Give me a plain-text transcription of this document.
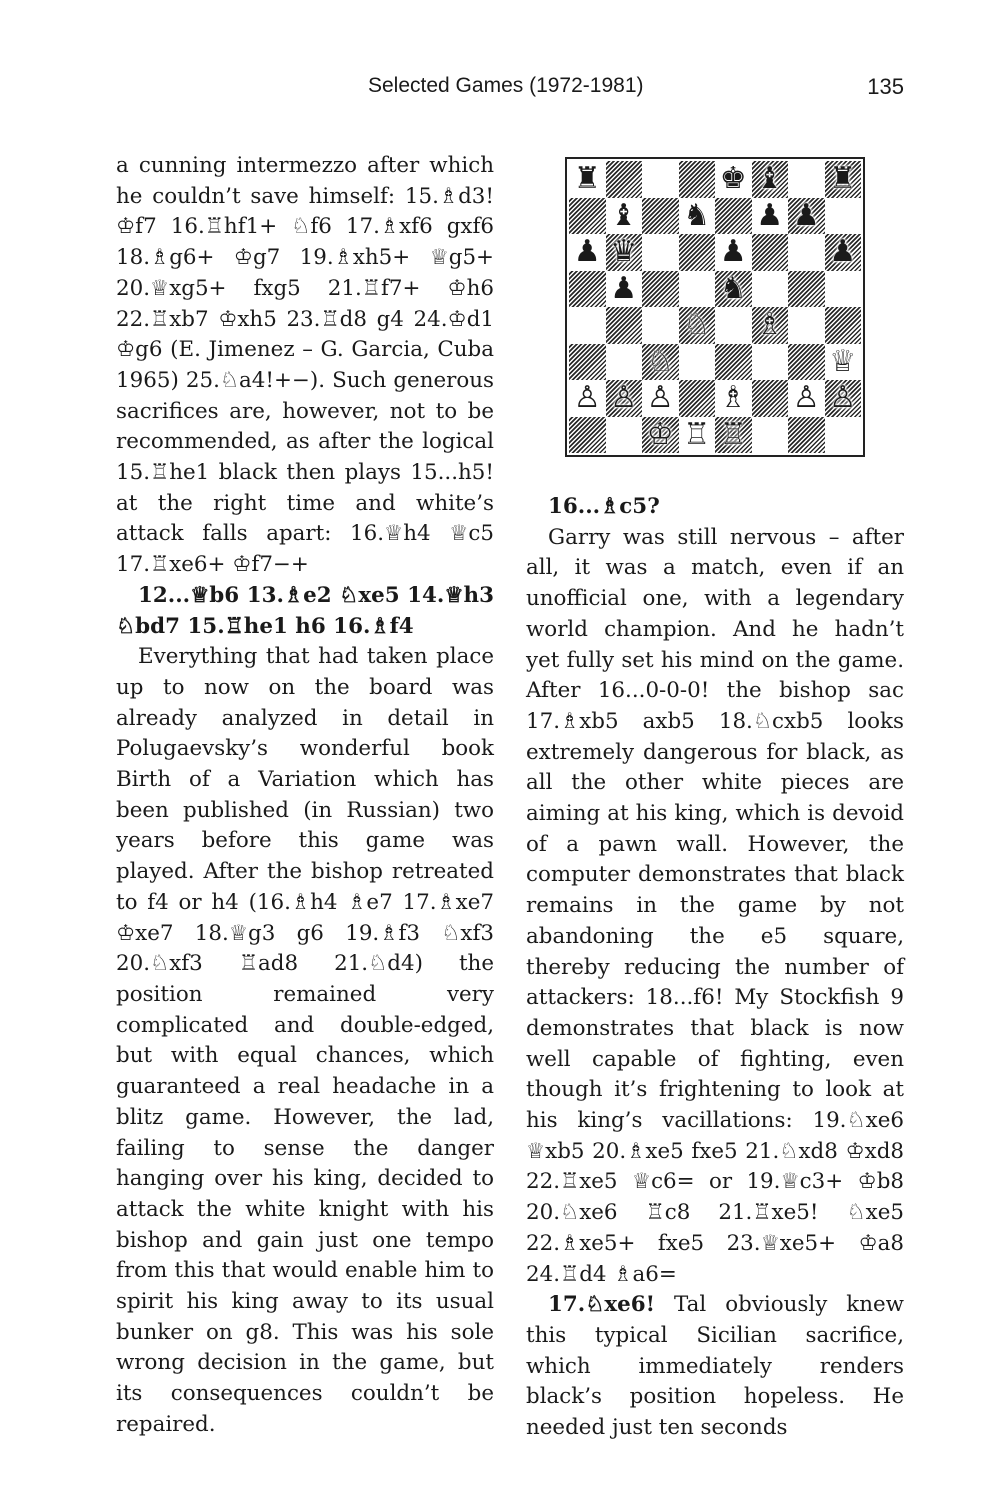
Selected Games (1972-1981)	135

a cunning intermezzo after which he couldn’t save himself: 15.♗d3! ♔f7 16.♖hf1+ ♘f6 17.♗xf6 gxf6 18.♗g6+ ♔g7 19.♗xh5+ ♕g5+ 20.♕xg5+ fxg5 21.♖f7+ ♔h6 22.♖xb7 ♔xh5 23.♖d8 g4 24.♔d1 ♔g6 (E. Jimenez – G. Garcia, Cuba 1965) 25.♘a4!+−). Such generous sacrifices are, however, not to be recommended, as after the logical 15.♖he1 black then plays 15...h5! at the right time and white’s attack falls apart: 16.♕h4 ♕c5 17.♖xe6+ ♔f7−+

12...♕b6 13.♗e2 ♘xe5 14.♕h3 ♘bd7 15.♖he1 h6 16.♗f4

Everything that had taken place up to now on the board was already analyzed in detail in Polugaevsky’s wonderful book Birth of a Variation which has been published (in Russian) two years before this game was played. After the bishop retreated to f4 or h4 (16.♗h4 ♗e7 17.♗xe7 ♔xe7 18.♕g3 g6 19.♗f3 ♘xf3 20.♘xf3 ♖ad8 21.♘d4) the position remained very complicated and double-edged, but with equal chances, which guaranteed a real headache in a blitz game. However, the lad, failing to sense the danger hanging over his king, decided to attack the white knight with his bishop and gain just one tempo from this that would enable him to spirit his king away to its usual bunker on g8. This was his sole wrong decision in the game, but its consequences couldn’t be repaired.

♜	♚ ♝ ♜
♝ ♞ ♟ ♟
♟ ♛	♟	♟
♟	♞
♘ ♗
♘	♕
♙ ♙ ♙ ♗ ♙ ♙
♔ ♖ ♖

16...♗c5?

Garry was still nervous – after all, it was a match, even if an unofficial one, with a legendary world champion. And he hadn’t yet fully set his mind on the game. After 16...0-0-0! the bishop sac 17.♗xb5 axb5 18.♘cxb5 looks extremely dangerous for black, as all the other white pieces are aiming at his king, which is devoid of a pawn wall. However, the computer demonstrates that black remains in the game by not abandoning the e5 square, thereby reducing the number of attackers: 18...f6! My Stockfish 9 demonstrates that black is now well capable of fighting, even though it’s frightening to look at his king’s vacillations: 19.♘xe6 ♕xb5 20.♗xe5 fxe5 21.♘xd8 ♔xd8 22.♖xe5 ♕c6= or 19.♕c3+ ♔b8 20.♘xe6 ♖c8 21.♖xe5! ♘xe5 22.♗xe5+ fxe5 23.♕xe5+ ♔a8 24.♖d4 ♗a6=

17.♘xe6! Tal obviously knew this typical Sicilian sacrifice, which immediately renders black’s position hopeless. He needed just ten seconds
